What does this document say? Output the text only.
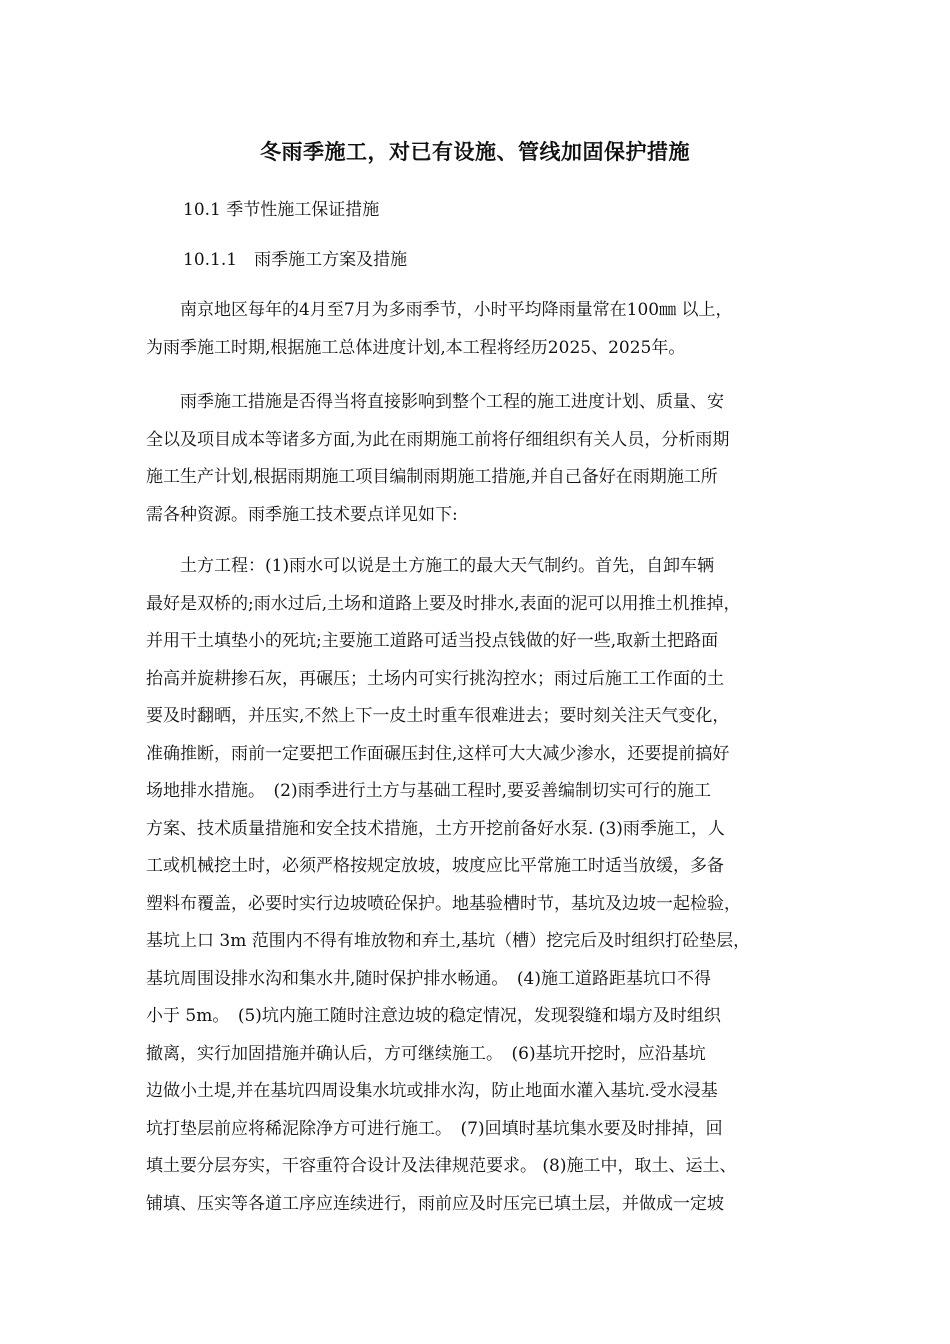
冬雨季施工，对已有设施、管线加固保护措施

10.1 季节性施工保证措施

10.1.1　雨季施工方案及措施

　　南京地区每年的4月至7月为多雨季节，小时平均降雨量常在100㎜ 以上，
为雨季施工时期,根据施工总体进度计划,本工程将经历2025、2025年。
　　雨季施工措施是否得当将直接影响到整个工程的施工进度计划、质量、安
全以及项目成本等诸多方面,为此在雨期施工前将仔细组织有关人员，分析雨期
施工生产计划,根据雨期施工项目编制雨期施工措施,并自己备好在雨期施工所
需各种资源。雨季施工技术要点详见如下:
　　土方工程：(1)雨水可以说是土方施工的最大天气制约。首先，自卸车辆
最好是双桥的;雨水过后,土场和道路上要及时排水,表面的泥可以用推土机推掉，
并用干土填垫小的死坑;主要施工道路可适当投点钱做的好一些,取新土把路面
抬高并旋耕掺石灰，再碾压；土场内可实行挑沟控水；雨过后施工工作面的土
要及时翻晒，并压实,不然上下一皮土时重车很难进去；要时刻关注天气变化，
准确推断，雨前一定要把工作面碾压封住,这样可大大减少渗水，还要提前搞好
场地排水措施。　(2)雨季进行土方与基础工程时,要妥善编制切实可行的施工
方案、技术质量措施和安全技术措施，土方开挖前备好水泵. (3)雨季施工，人
工或机械挖土时，必须严格按规定放坡，坡度应比平常施工时适当放缓，多备
塑料布覆盖，必要时实行边坡喷砼保护。地基验槽时节，基坑及边坡一起检验，
基坑上口 3m 范围内不得有堆放物和弃土,基坑（槽）挖完后及时组织打砼垫层，
基坑周围设排水沟和集水井,随时保护排水畅通。　(4)施工道路距基坑口不得
小于 5m。　(5)坑内施工随时注意边坡的稳定情况，发现裂缝和塌方及时组织
撤离，实行加固措施并确认后，方可继续施工。　(6)基坑开挖时，应沿基坑
边做小土堤,并在基坑四周设集水坑或排水沟，防止地面水灌入基坑.受水浸基
坑打垫层前应将稀泥除净方可进行施工。　(7)回填时基坑集水要及时排掉，回
填土要分层夯实，干容重符合设计及法律规范要求。 (8)施工中，取土、运土、
铺填、压实等各道工序应连续进行，雨前应及时压完已填土层，并做成一定坡
